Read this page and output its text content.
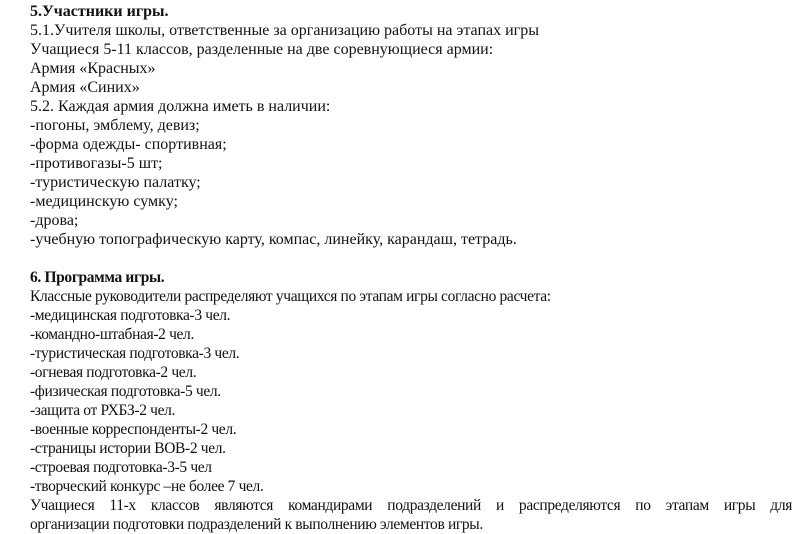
5.Участники игры.
5.1.Учителя школы, ответственные за организацию работы на этапах игры
Учащиеся 5-11 классов, разделенные на две соревнующиеся армии:
Армия «Красных»
Армия «Синих»
5.2. Каждая армия должна иметь в наличии:
-погоны, эмблему, девиз;
-форма одежды- спортивная;
-противогазы-5 шт;
-туристическую палатку;
-медицинскую сумку;
-дрова;
-учебную топографическую карту, компас, линейку, карандаш, тетрадь.
6. Программа игры.
Классные руководители распределяют учащихся по этапам игры согласно расчета:
-медицинская подготовка-3 чел.
-командно-штабная-2 чел.
-туристическая подготовка-3 чел.
-огневая подготовка-2 чел.
-физическая подготовка-5 чел.
-защита от РХБЗ-2 чел.
-военные корреспонденты-2 чел.
-страницы истории ВОВ-2 чел.
-строевая подготовка-3-5 чел
-творческий конкурс –не более 7 чел.
Учащиеся 11-х классов являются командирами подразделений и распределяются по этапам игры для
организации подготовки подразделений к выполнению элементов игры.
